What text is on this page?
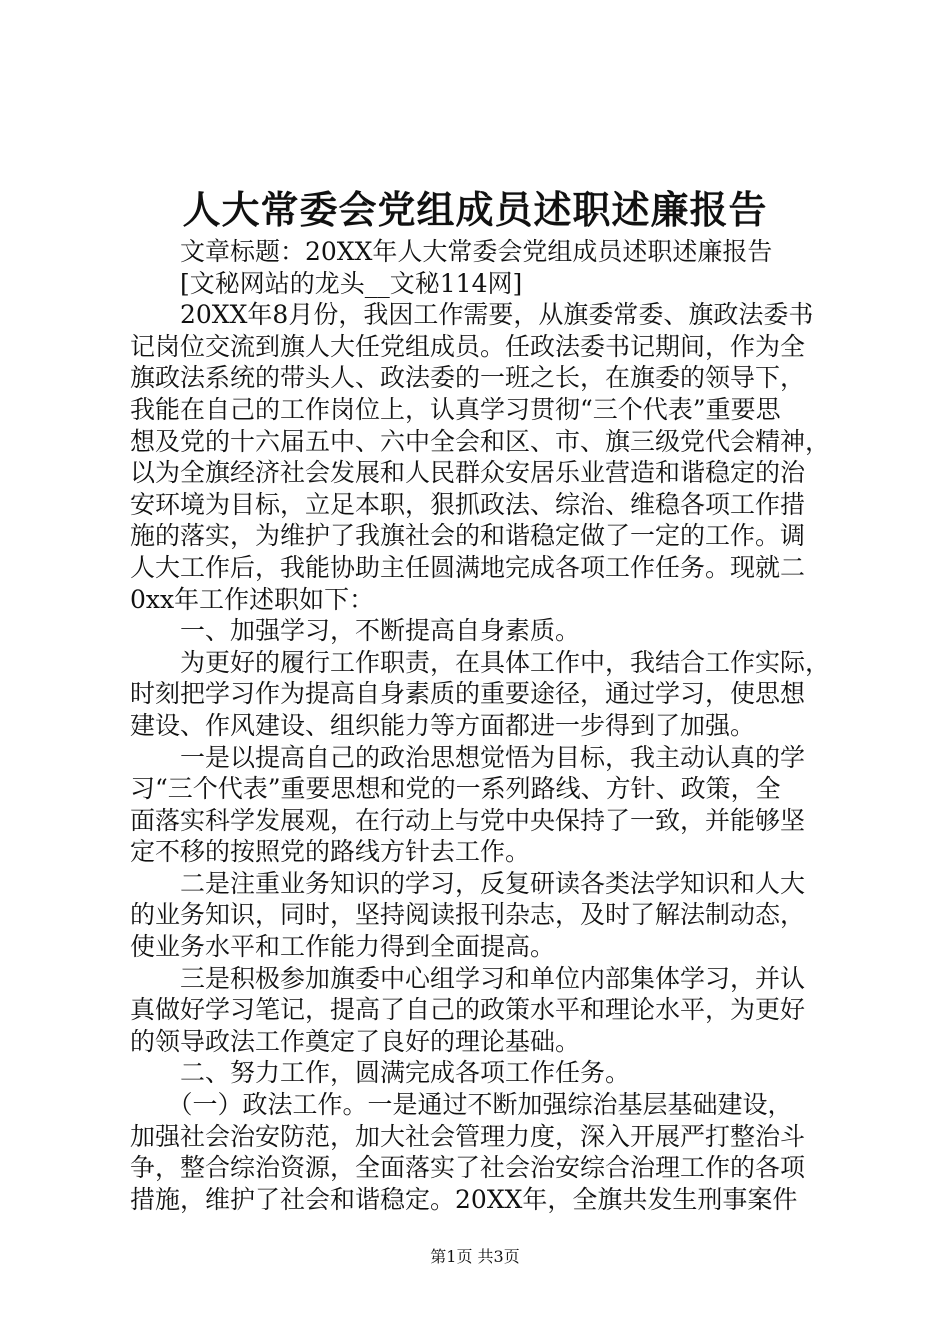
人大常委会党组成员述职述廉报告
　　文章标题：20XX年人大常委会党组成员述职述廉报告
　　[文秘网站的龙头__文秘114网]
　　20XX年8月份，我因工作需要，从旗委常委、旗政法委书
记岗位交流到旗人大任党组成员。任政法委书记期间，作为全
旗政法系统的带头人、政法委的一班之长，在旗委的领导下，
我能在自己的工作岗位上，认真学习贯彻“三个代表”重要思
想及党的十六届五中、六中全会和区、市、旗三级党代会精神，
以为全旗经济社会发展和人民群众安居乐业营造和谐稳定的治
安环境为目标，立足本职，狠抓政法、综治、维稳各项工作措
施的落实，为维护了我旗社会的和谐稳定做了一定的工作。调
人大工作后，我能协助主任圆满地完成各项工作任务。现就二
0xx年工作述职如下：
　　一、加强学习，不断提高自身素质。
　　为更好的履行工作职责，在具体工作中，我结合工作实际，
时刻把学习作为提高自身素质的重要途径，通过学习，使思想
建设、作风建设、组织能力等方面都进一步得到了加强。
　　一是以提高自己的政治思想觉悟为目标，我主动认真的学
习“三个代表”重要思想和党的一系列路线、方针、政策，全
面落实科学发展观，在行动上与党中央保持了一致，并能够坚
定不移的按照党的路线方针去工作。
　　二是注重业务知识的学习，反复研读各类法学知识和人大
的业务知识，同时，坚持阅读报刊杂志，及时了解法制动态，
使业务水平和工作能力得到全面提高。
　　三是积极参加旗委中心组学习和单位内部集体学习，并认
真做好学习笔记，提高了自己的政策水平和理论水平，为更好
的领导政法工作奠定了良好的理论基础。
　　二、努力工作，圆满完成各项工作任务。
　　（一）政法工作。一是通过不断加强综治基层基础建设，
加强社会治安防范，加大社会管理力度，深入开展严打整治斗
争，整合综治资源，全面落实了社会治安综合治理工作的各项
措施，维护了社会和谐稳定。20XX年，全旗共发生刑事案件
第1页 共3页
